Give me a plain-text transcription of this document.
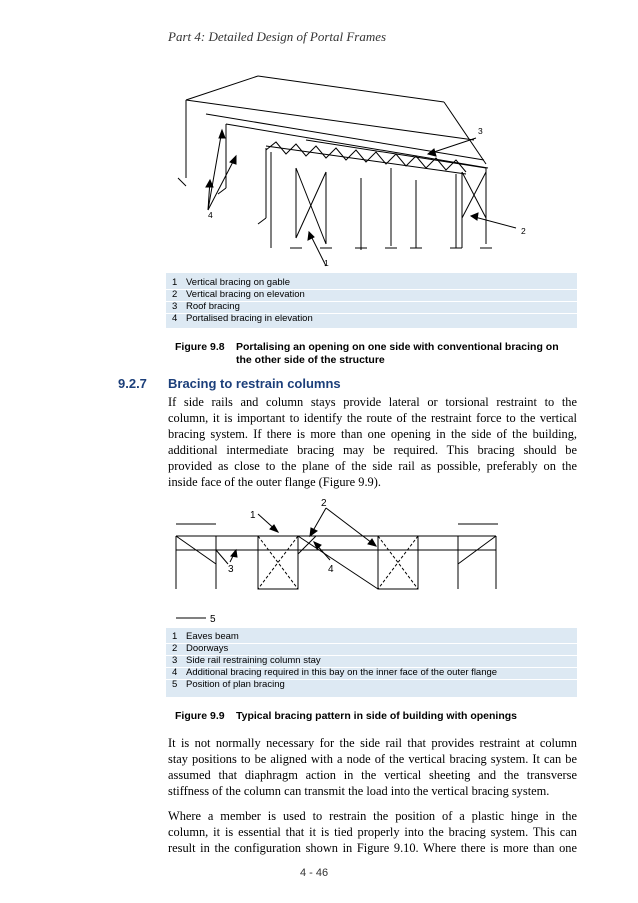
Part 4: Detailed Design of Portal Frames
1
2
3
4
1 Vertical bracing on gable
2 Vertical bracing on elevation
3 Roof bracing
4 Portalised bracing in elevation
Figure 9.8 Portalising an opening on one side with conventional bracing on
the other side of the structure
9.2.7 Bracing to restrain columns
If side rails and column stays provide lateral or torsional restraint to the
column, it is important to identify the route of the restraint force to the vertical
bracing system. If there is more than one opening in the side of the building,
additional intermediate bracing may be required. This bracing should be
provided as close to the plane of the side rail as possible, preferably on the
inside face of the outer flange (Figure 9.9).
1
2
3	4
5
1 Eaves beam
2 Doorways
3 Side rail restraining column stay
4 Additional bracing required in this bay on the inner face of the outer flange
5 Position of plan bracing
Figure 9.9 Typical bracing pattern in side of building with openings
It is not normally necessary for the side rail that provides restraint at column
stay positions to be aligned with a node of the vertical bracing system. It can be
assumed that diaphragm action in the vertical sheeting and the transverse
stiffness of the column can transmit the load into the vertical bracing system.
Where a member is used to restrain the position of a plastic hinge in the
column, it is essential that it is tied properly into the bracing system. This can
result in the configuration shown in Figure 9.10. Where there is more than one
4 - 46
